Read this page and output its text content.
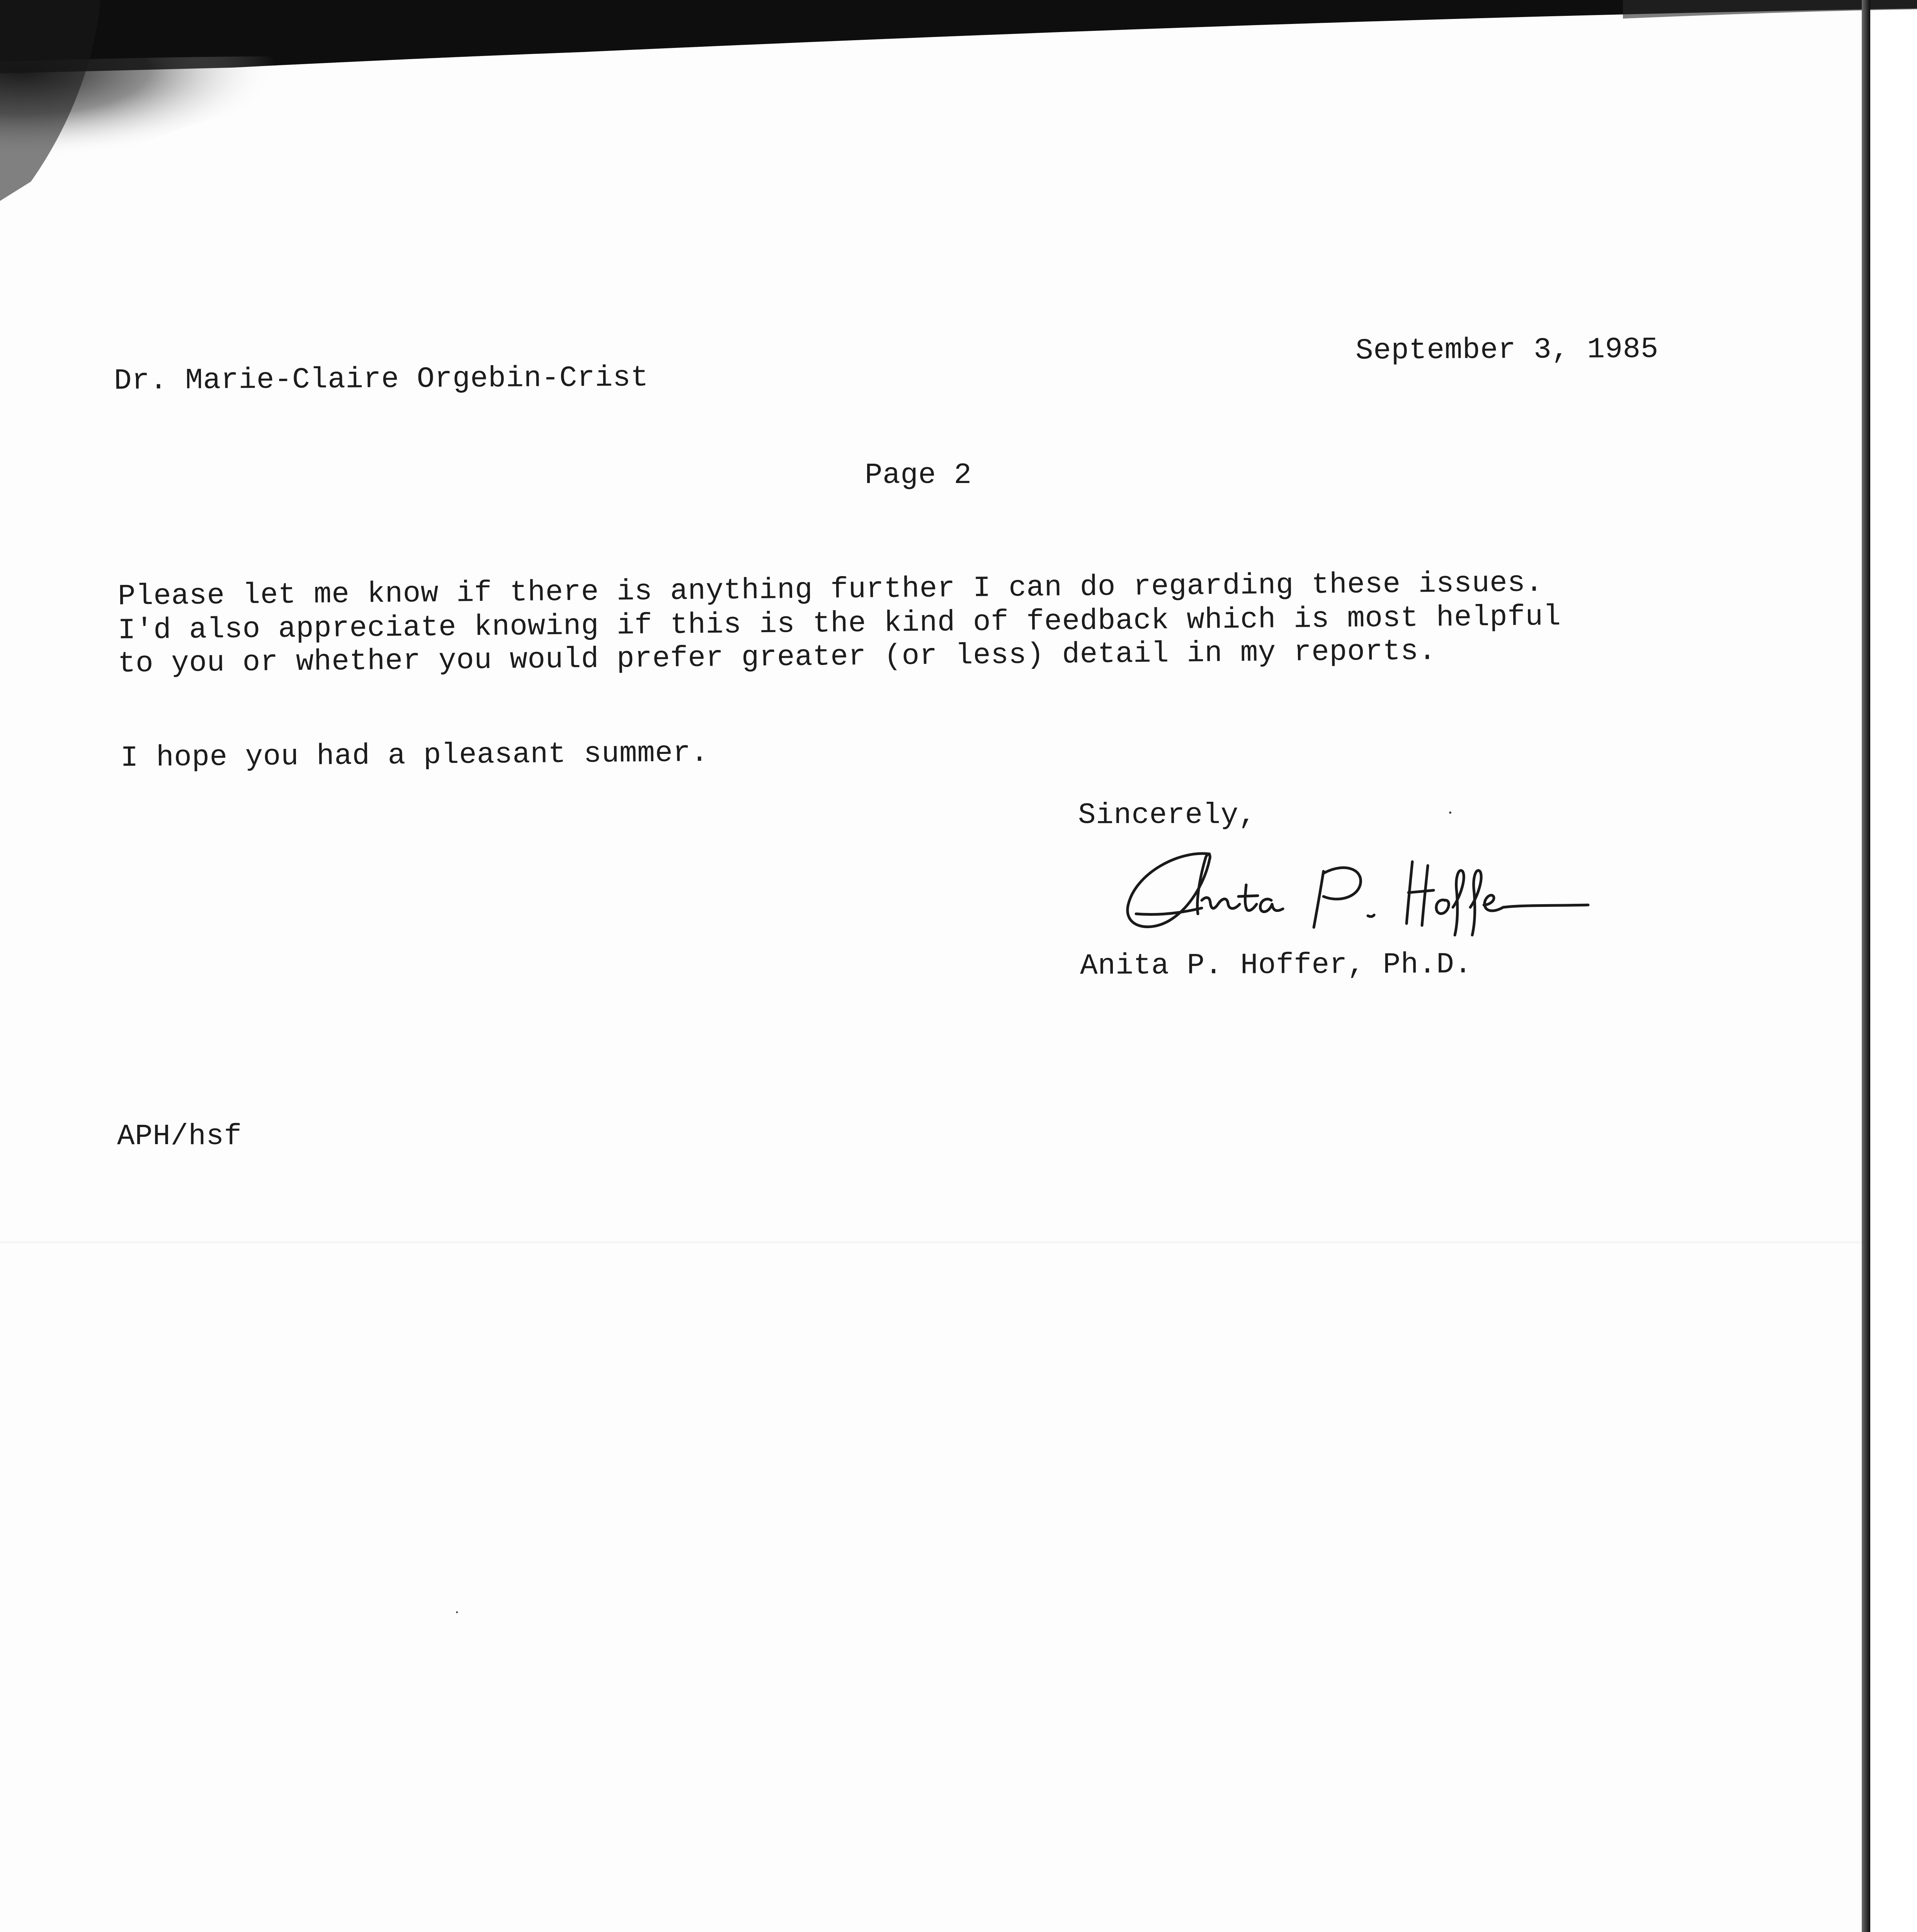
September 3, 1985
Dr. Marie-Claire Orgebin-Crist
Page 2
Please let me know if there is anything further I can do regarding these issues.
I'd also appreciate knowing if this is the kind of feedback which is most helpful
to you or whether you would prefer greater (or less) detail in my reports.
I hope you had a pleasant summer.
Sincerely,
Anita P. Hoffer, Ph.D.
APH/hsf
